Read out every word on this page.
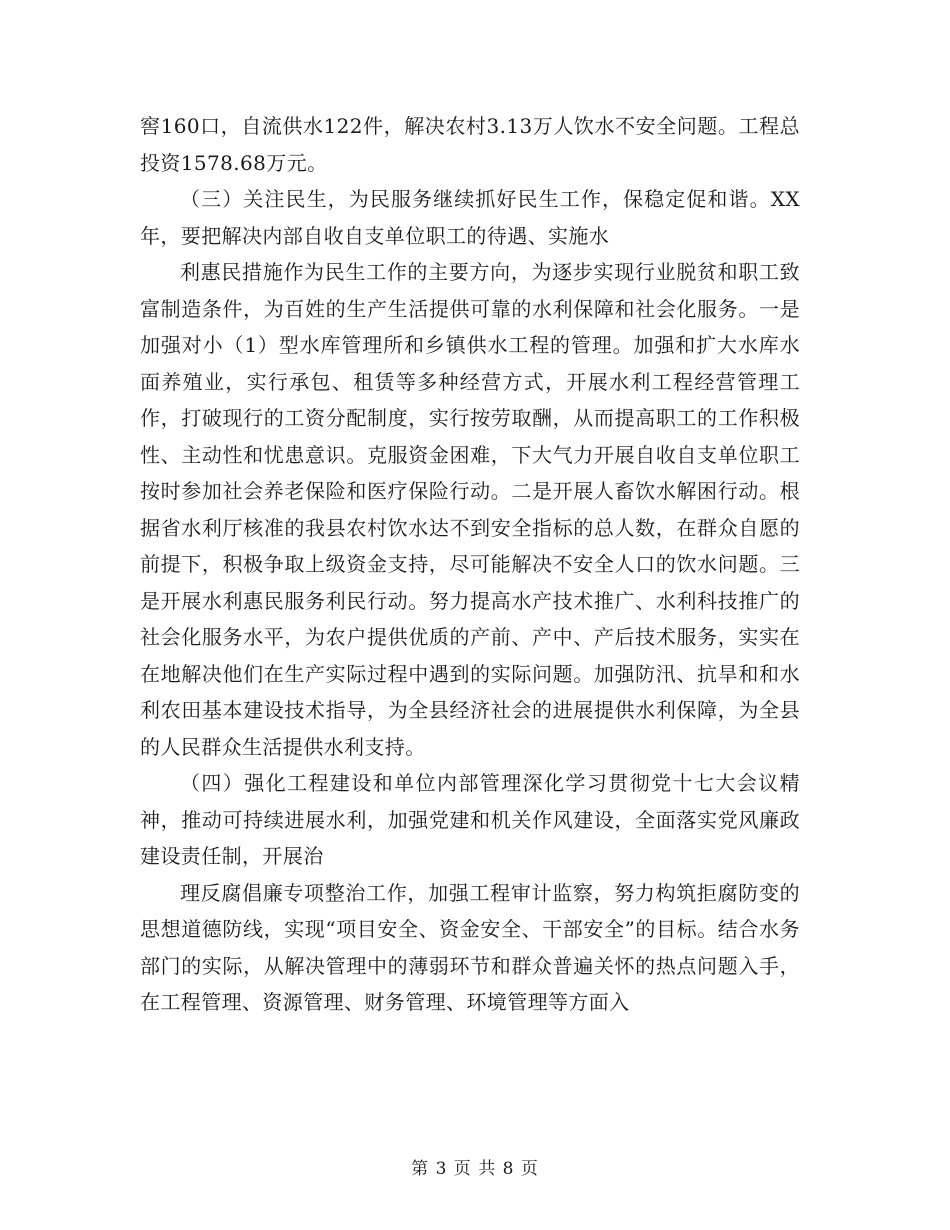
窖160口，自流供水122件，解决农村3.13万人饮水不安全问题。工程总投资1578.68万元。

（三）关注民生，为民服务继续抓好民生工作，保稳定促和谐。XX年，要把解决内部自收自支单位职工的待遇、实施水

利惠民措施作为民生工作的主要方向，为逐步实现行业脱贫和职工致富制造条件，为百姓的生产生活提供可靠的水利保障和社会化服务。一是加强对小（1）型水库管理所和乡镇供水工程的管理。加强和扩大水库水面养殖业，实行承包、租赁等多种经营方式，开展水利工程经营管理工作，打破现行的工资分配制度，实行按劳取酬，从而提高职工的工作积极性、主动性和忧患意识。克服资金困难，下大气力开展自收自支单位职工按时参加社会养老保险和医疗保险行动。二是开展人畜饮水解困行动。根据省水利厅核准的我县农村饮水达不到安全指标的总人数，在群众自愿的前提下，积极争取上级资金支持，尽可能解决不安全人口的饮水问题。三是开展水利惠民服务利民行动。努力提高水产技术推广、水利科技推广的社会化服务水平，为农户提供优质的产前、产中、产后技术服务，实实在在地解决他们在生产实际过程中遇到的实际问题。加强防汛、抗旱和和水利农田基本建设技术指导，为全县经济社会的进展提供水利保障，为全县的人民群众生活提供水利支持。

（四）强化工程建设和单位内部管理深化学习贯彻党十七大会议精神，推动可持续进展水利，加强党建和机关作风建设，全面落实党风廉政建设责任制，开展治

理反腐倡廉专项整治工作，加强工程审计监察，努力构筑拒腐防变的思想道德防线，实现“项目安全、资金安全、干部安全”的目标。结合水务部门的实际，从解决管理中的薄弱环节和群众普遍关怀的热点问题入手，在工程管理、资源管理、财务管理、环境管理等方面入

第 3 页 共 8 页
